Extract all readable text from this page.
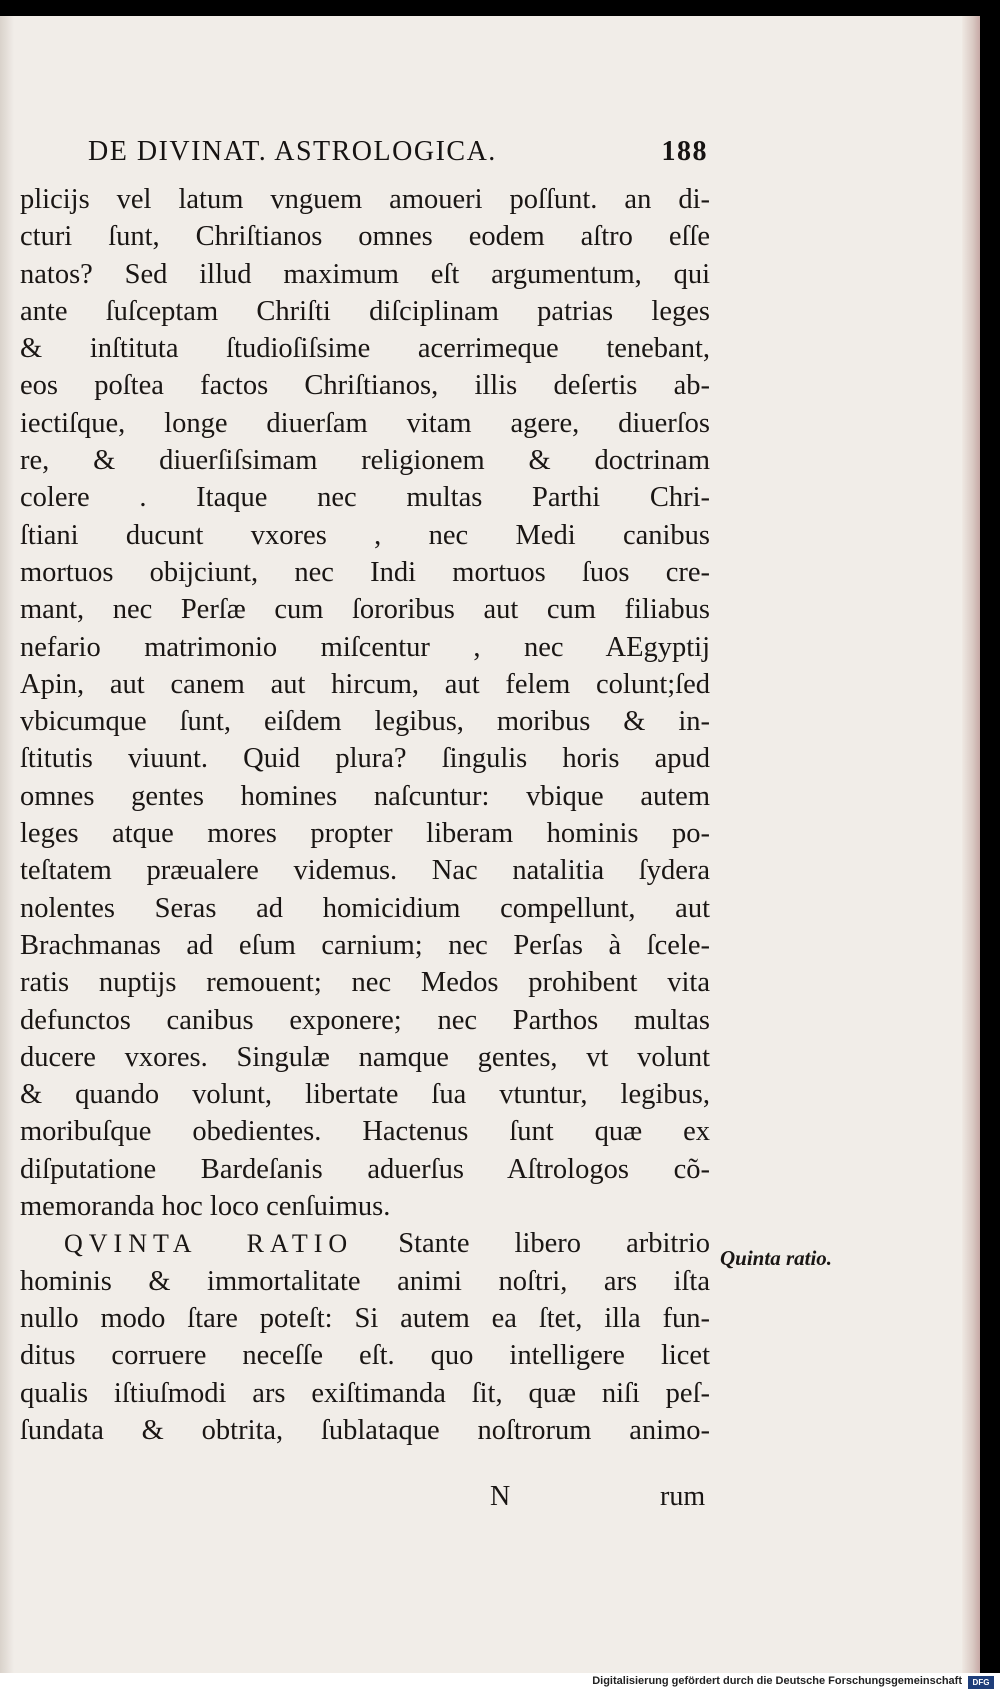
DE DIVINAT. ASTROLOGICA.	188
plicijs vel latum vnguem amoueri poſſunt. an di-
cturi ſunt, Chriſtianos omnes eodem aſtro eſſe
natos? Sed illud maximum eſt argumentum, qui
ante ſuſceptam Chriſti diſciplinam patrias leges
& inſtituta ſtudioſiſsime acerrimeque tenebant,
eos poſtea factos Chriſtianos, illis deſertis ab-
iectiſque, longe diuerſam vitam agere, diuerſos
re, & diuerſiſsimam religionem & doctrinam
colere . Itaque nec multas Parthi Chri-
ſtiani ducunt vxores , nec Medi canibus
mortuos obijciunt, nec Indi mortuos ſuos cre-
mant, nec Perſæ cum ſororibus aut cum filiabus
nefario matrimonio miſcentur , nec AEgyptij
Apin, aut canem aut hircum, aut felem colunt;ſed
vbicumque ſunt, eiſdem legibus, moribus & in-
ſtitutis viuunt. Quid plura? ſingulis horis apud
omnes gentes homines naſcuntur: vbique autem
leges atque mores propter liberam hominis po-
teſtatem præualere videmus. Nac natalitia ſydera
nolentes Seras ad homicidium compellunt, aut
Brachmanas ad eſum carnium; nec Perſas à ſcele-
ratis nuptijs remouent; nec Medos prohibent vita
defunctos canibus exponere; nec Parthos multas
ducere vxores. Singulæ namque gentes, vt volunt
& quando volunt, libertate ſua vtuntur, legibus,
moribuſque obedientes. Hactenus ſunt quæ ex
diſputatione Bardeſanis aduerſus Aſtrologos cõ-
memoranda hoc loco cenſuimus.
QVINTA RATIO Stante libero arbitrio
hominis & immortalitate animi noſtri, ars iſta
nullo modo ſtare poteſt: Si autem ea ſtet, illa fun-
ditus corruere neceſſe eſt. quo intelligere licet
qualis iſtiuſmodi ars exiſtimanda ſit, quæ niſi peſ-
ſundata & obtrita, ſublataque noſtrorum animo-
Quinta ratio.
N	rum
Digitalisierung gefördert durch die Deutsche Forschungsgemeinschaft	DFG
